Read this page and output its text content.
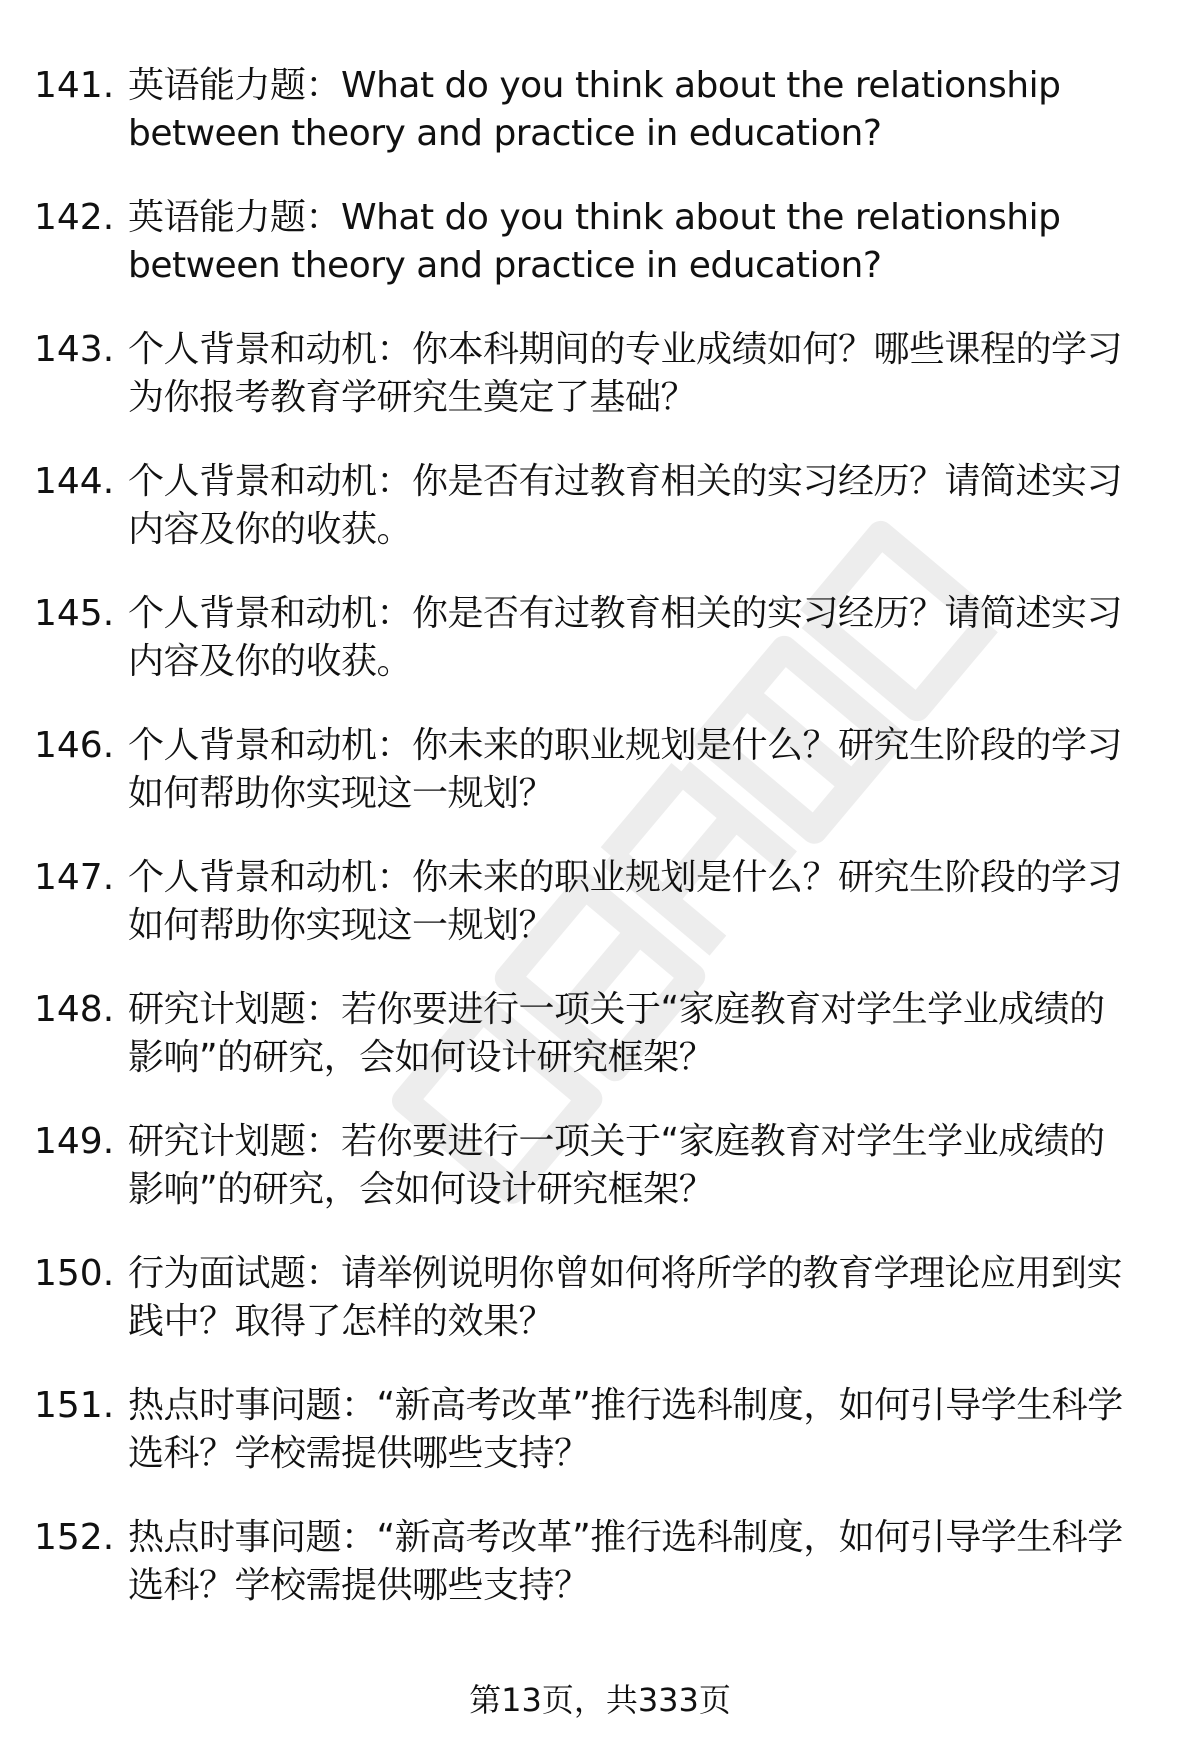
141. 英语能力题：What do you think about the relationship between theory and practice in education?
142. 英语能力题：What do you think about the relationship between theory and practice in education?
143. 个人背景和动机：你本科期间的专业成绩如何？哪些课程的学习为你报考教育学研究生奠定了基础？
144. 个人背景和动机：你是否有过教育相关的实习经历？请简述实习内容及你的收获。
145. 个人背景和动机：你是否有过教育相关的实习经历？请简述实习内容及你的收获。
146. 个人背景和动机：你未来的职业规划是什么？研究生阶段的学习如何帮助你实现这一规划？
147. 个人背景和动机：你未来的职业规划是什么？研究生阶段的学习如何帮助你实现这一规划？
148. 研究计划题：若你要进行一项关于“家庭教育对学生学业成绩的影响”的研究，会如何设计研究框架？
149. 研究计划题：若你要进行一项关于“家庭教育对学生学业成绩的影响”的研究，会如何设计研究框架？
150. 行为面试题：请举例说明你曾如何将所学的教育学理论应用到实践中？取得了怎样的效果？
151. 热点时事问题：“新高考改革”推行选科制度，如何引导学生科学选科？学校需提供哪些支持？
152. 热点时事问题：“新高考改革”推行选科制度，如何引导学生科学选科？学校需提供哪些支持？
第13页，共333页
